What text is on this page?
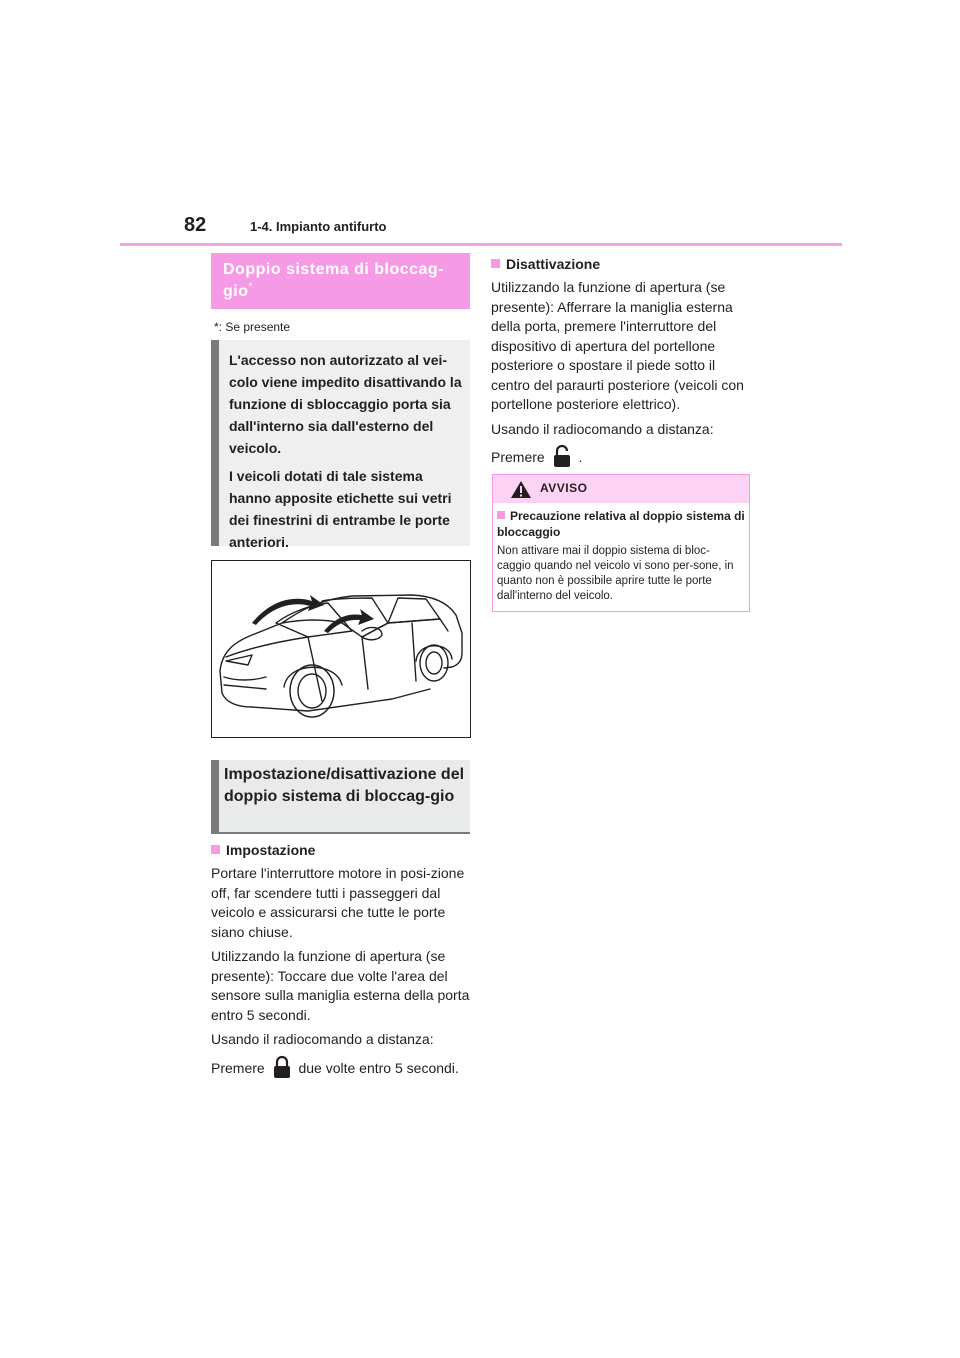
82	1-4. Impianto antifurto
Doppio sistema di bloccag-gio*
*: Se presente

L'accesso non autorizzato al vei-colo viene impedito disattivando la funzione di sbloccaggio porta sia dall'interno sia dall'esterno del veicolo.

I veicoli dotati di tale sistema hanno apposite etichette sui vetri dei finestrini di entrambe le porte anteriori.

Impostazione/disattivazione del doppio sistema di bloccag-gio
Impostazione

Portare l'interruttore motore in posi-zione off, far scendere tutti i passeggeri dal veicolo e assicurarsi che tutte le porte siano chiuse.

Utilizzando la funzione di apertura (se presente): Toccare due volte l'area del sensore sulla maniglia esterna della porta entro 5 secondi.

Usando il radiocomando a distanza:

Premere due volte entro 5 secondi.

Disattivazione

Utilizzando la funzione di apertura (se presente): Afferrare la maniglia esterna della porta, premere l'interruttore del dispositivo di apertura del portellone posteriore o spostare il piede sotto il centro del paraurti posteriore (veicoli con portellone posteriore elettrico).

Usando il radiocomando a distanza:

Premere .

AVVISO
Precauzione relativa al doppio sistema di bloccaggio
Non attivare mai il doppio sistema di bloc-caggio quando nel veicolo vi sono per-sone, in quanto non è possibile aprire tutte le porte dall'interno del veicolo.
